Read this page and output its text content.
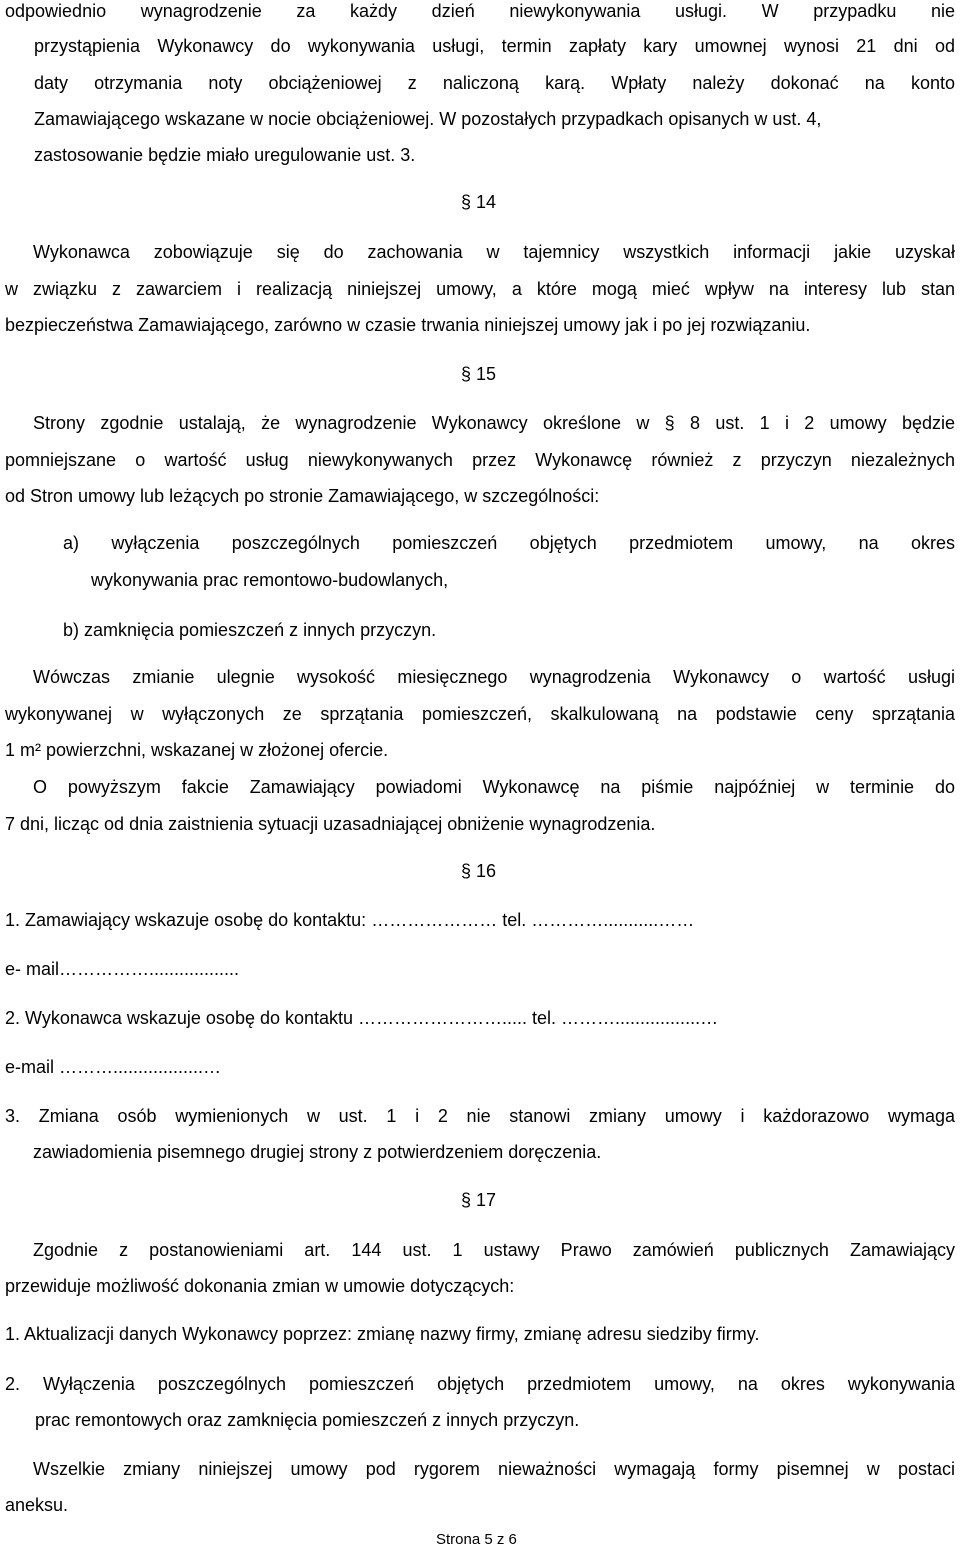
odpowiednio wynagrodzenie za każdy dzień niewykonywania usługi. W przypadku nie
przystąpienia Wykonawcy do wykonywania usługi, termin zapłaty kary umownej wynosi 21 dni od
daty otrzymania noty obciążeniowej z naliczoną karą. Wpłaty należy dokonać na konto
Zamawiającego wskazane w nocie obciążeniowej. W pozostałych przypadkach opisanych w ust. 4,
zastosowanie będzie miało uregulowanie ust. 3.
§ 14
Wykonawca zobowiązuje się do zachowania w tajemnicy wszystkich informacji jakie uzyskał
w związku z zawarciem i realizacją niniejszej umowy, a które mogą mieć wpływ na interesy lub stan
bezpieczeństwa Zamawiającego, zarówno w czasie trwania niniejszej umowy jak i po jej rozwiązaniu.
§ 15
Strony zgodnie ustalają, że wynagrodzenie Wykonawcy określone w § 8 ust. 1 i 2 umowy będzie
pomniejszane o wartość usług niewykonywanych przez Wykonawcę również z przyczyn niezależnych
od Stron umowy lub leżących po stronie Zamawiającego, w szczególności:
a) wyłączenia poszczególnych pomieszczeń objętych przedmiotem umowy, na okres
wykonywania prac remontowo-budowlanych,
b) zamknięcia pomieszczeń z innych przyczyn.
Wówczas zmianie ulegnie wysokość miesięcznego wynagrodzenia Wykonawcy o wartość usługi
wykonywanej w wyłączonych ze sprzątania pomieszczeń, skalkulowaną na podstawie ceny sprzątania
1 m² powierzchni, wskazanej w złożonej ofercie.
O powyższym fakcie Zamawiający powiadomi Wykonawcę na piśmie najpóźniej w terminie do
7 dni, licząc od dnia zaistnienia sytuacji uzasadniającej obniżenie wynagrodzenia.
§ 16
1. Zamawiający wskazuje osobę do kontaktu: ………………… tel. …………...........……
e- mail……………..................
2. Wykonawca wskazuje osobę do kontaktu ……………………..... tel. ……….................…
e-mail ………..................…
3. Zmiana osób wymienionych w ust. 1 i 2 nie stanowi zmiany umowy i każdorazowo wymaga
zawiadomienia pisemnego drugiej strony z potwierdzeniem doręczenia.
§ 17
Zgodnie z postanowieniami art. 144 ust. 1 ustawy Prawo zamówień publicznych Zamawiający
przewiduje możliwość dokonania zmian w umowie dotyczących:
1. Aktualizacji danych Wykonawcy poprzez: zmianę nazwy firmy, zmianę adresu siedziby firmy.
2. Wyłączenia poszczególnych pomieszczeń objętych przedmiotem umowy, na okres wykonywania
prac remontowych oraz zamknięcia pomieszczeń z innych przyczyn.
Wszelkie zmiany niniejszej umowy pod rygorem nieważności wymagają formy pisemnej w postaci
aneksu.
Strona 5 z 6
